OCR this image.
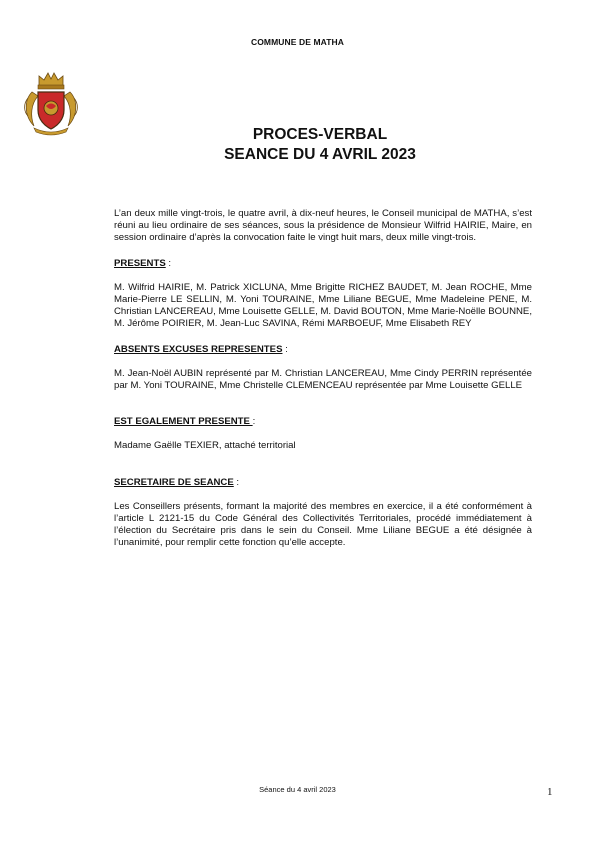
COMMUNE DE MATHA
PROCES-VERBAL
SEANCE DU 4 AVRIL 2023

L’an deux mille vingt-trois, le quatre avril, à dix-neuf heures, le Conseil municipal de MATHA, s’est réuni au lieu ordinaire de ses séances, sous la présidence de Monsieur Wilfrid HAIRIE, Maire, en session ordinaire d’après la convocation faite le vingt huit mars, deux mille vingt-trois.

PRESENTS :

M. Wilfrid HAIRIE, M. Patrick XICLUNA, Mme Brigitte RICHEZ BAUDET, M. Jean ROCHE, Mme Marie-Pierre LE SELLIN, M. Yoni TOURAINE, Mme Liliane BEGUE, Mme Madeleine PENE, M. Christian LANCEREAU, Mme Louisette GELLE, M. David BOUTON, Mme Marie-Noëlle BOUNNE, M. Jérôme POIRIER, M. Jean-Luc SAVINA, Rémi MARBOEUF, Mme Elisabeth REY

ABSENTS EXCUSES REPRESENTES :

M. Jean-Noël AUBIN représenté par M. Christian LANCEREAU, Mme Cindy PERRIN représentée par M. Yoni TOURAINE, Mme Christelle CLEMENCEAU représentée par Mme Louisette GELLE

EST EGALEMENT PRESENTE :

Madame Gaëlle TEXIER, attaché territorial

SECRETAIRE DE SEANCE :

Les Conseillers présents, formant la majorité des membres en exercice, il a été conformément à l’article L 2121-15 du Code Général des Collectivités Territoriales, procédé immédiatement à l’élection du Secrétaire pris dans le sein du Conseil. Mme Liliane BEGUE a été désignée à l’unanimité, pour remplir cette fonction qu’elle accepte.

Séance du 4 avril 2023	1
